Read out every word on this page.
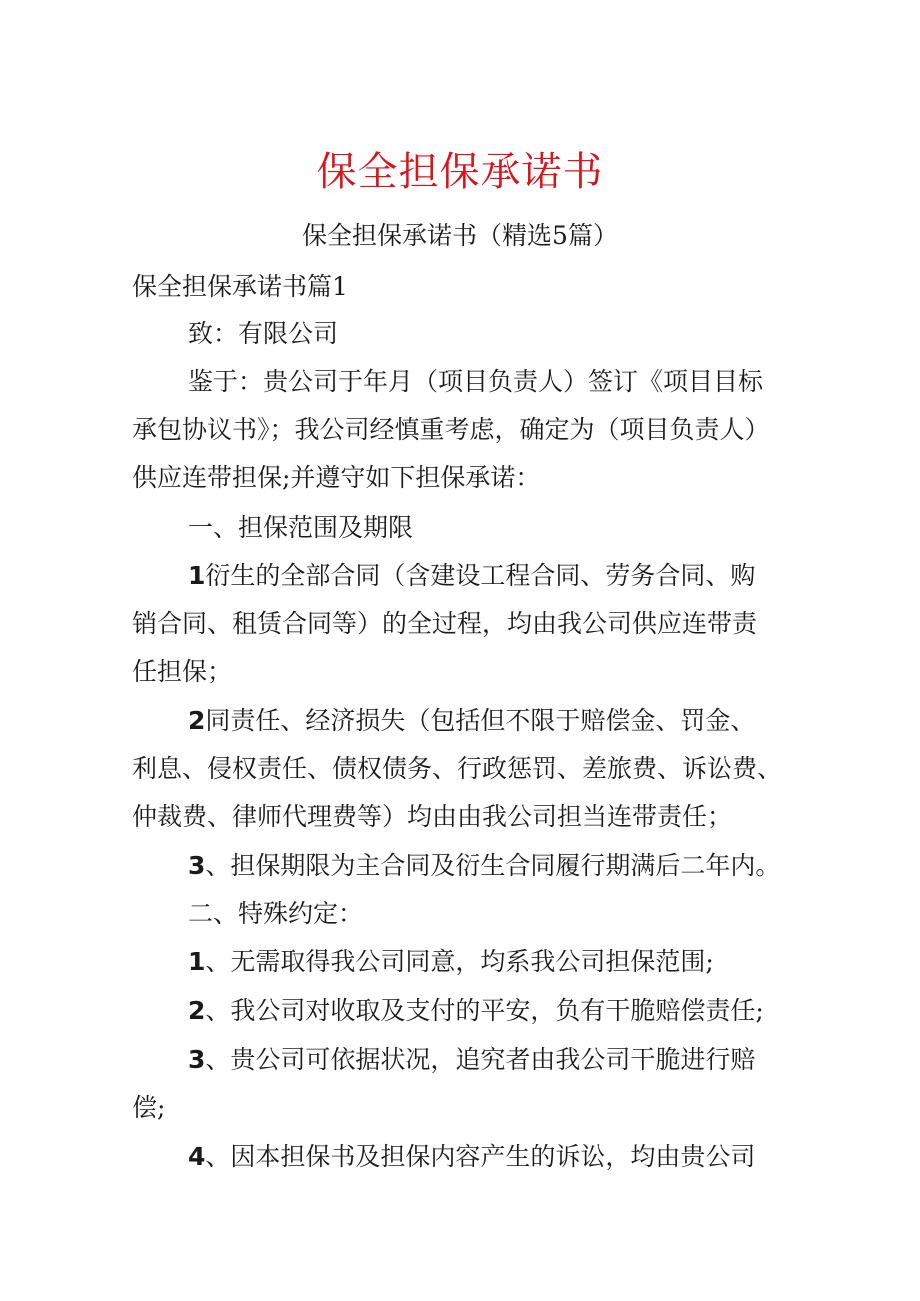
保全担保承诺书
保全担保承诺书（精选5篇）

保全担保承诺书篇1

致：有限公司

鉴于：贵公司于年月（项目负责人）签订《项目目标
承包协议书》；我公司经慎重考虑，确定为（项目负责人）
供应连带担保;并遵守如下担保承诺：

一、担保范围及期限

1衍生的全部合同（含建设工程合同、劳务合同、购
销合同、租赁合同等）的全过程，均由我公司供应连带责
任担保；

2同责任、经济损失（包括但不限于赔偿金、罚金、
利息、侵权责任、债权债务、行政惩罚、差旅费、诉讼费、
仲裁费、律师代理费等）均由由我公司担当连带责任；

3、担保期限为主合同及衍生合同履行期满后二年内。

二、特殊约定：

1、无需取得我公司同意，均系我公司担保范围;

2、我公司对收取及支付的平安，负有干脆赔偿责任;

3、贵公司可依据状况，追究者由我公司干脆进行赔
偿;

4、因本担保书及担保内容产生的诉讼，均由贵公司
